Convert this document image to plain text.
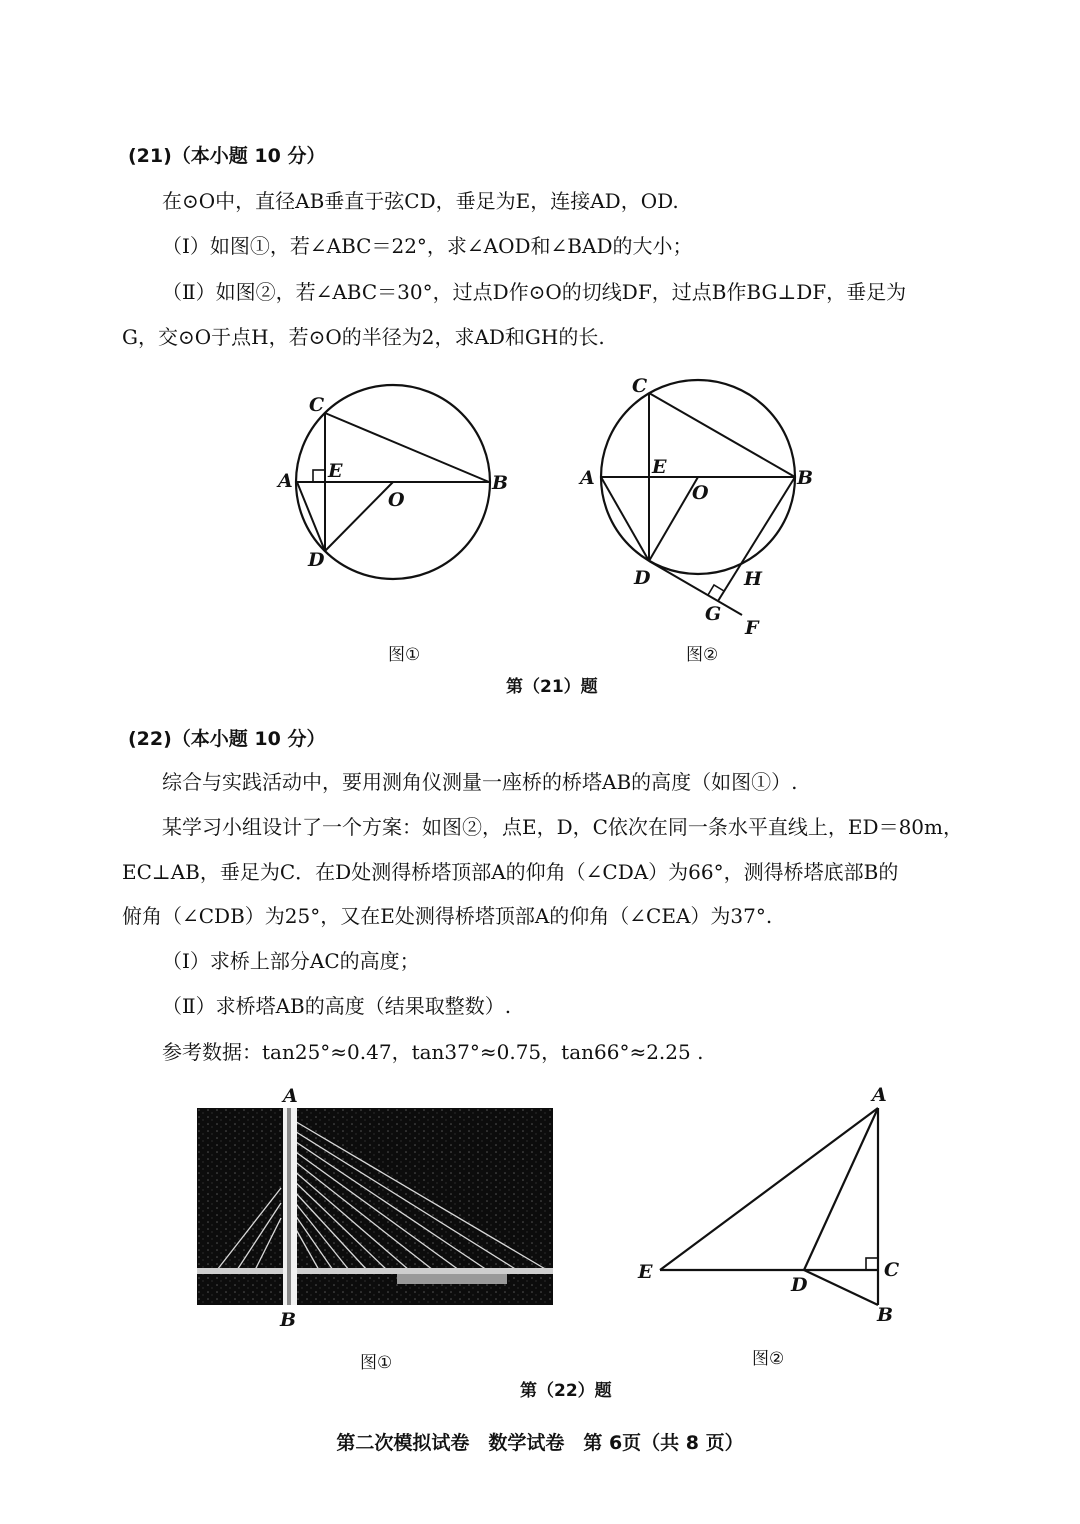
(21)（本小题 10 分）
在⊙O中，直径AB垂直于弦CD，垂足为E，连接AD，OD.
（Ⅰ）如图①，若∠ABC＝22°，求∠AOD和∠BAD的大小；
（Ⅱ）如图②，若∠ABC＝30°，过点D作⊙O的切线DF，过点B作BG⊥DF，垂足为
G，交⊙O于点H，若⊙O的半径为2，求AD和GH的长.
C
A E
O
B
D
C
A	E
O
B
D	H
G
F
图①	图②
第（21）题
(22)（本小题 10 分）
综合与实践活动中，要用测角仪测量一座桥的桥塔AB的高度（如图①）.
某学习小组设计了一个方案：如图②，点E，D，C依次在同一条水平直线上，ED＝80m，
EC⊥AB，垂足为C．在D处测得桥塔顶部A的仰角（∠CDA）为66°，测得桥塔底部B的
俯角（∠CDB）为25°，又在E处测得桥塔顶部A的仰角（∠CEA）为37°.
（Ⅰ）求桥上部分AC的高度；
（Ⅱ）求桥塔AB的高度（结果取整数）.
参考数据：tan25°≈0.47，tan37°≈0.75，tan66°≈2.25 .
A
B
A
E
D
C
B
图①	图②
第（22）题
第二次模拟试卷　数学试卷　第 6页（共 8 页）
